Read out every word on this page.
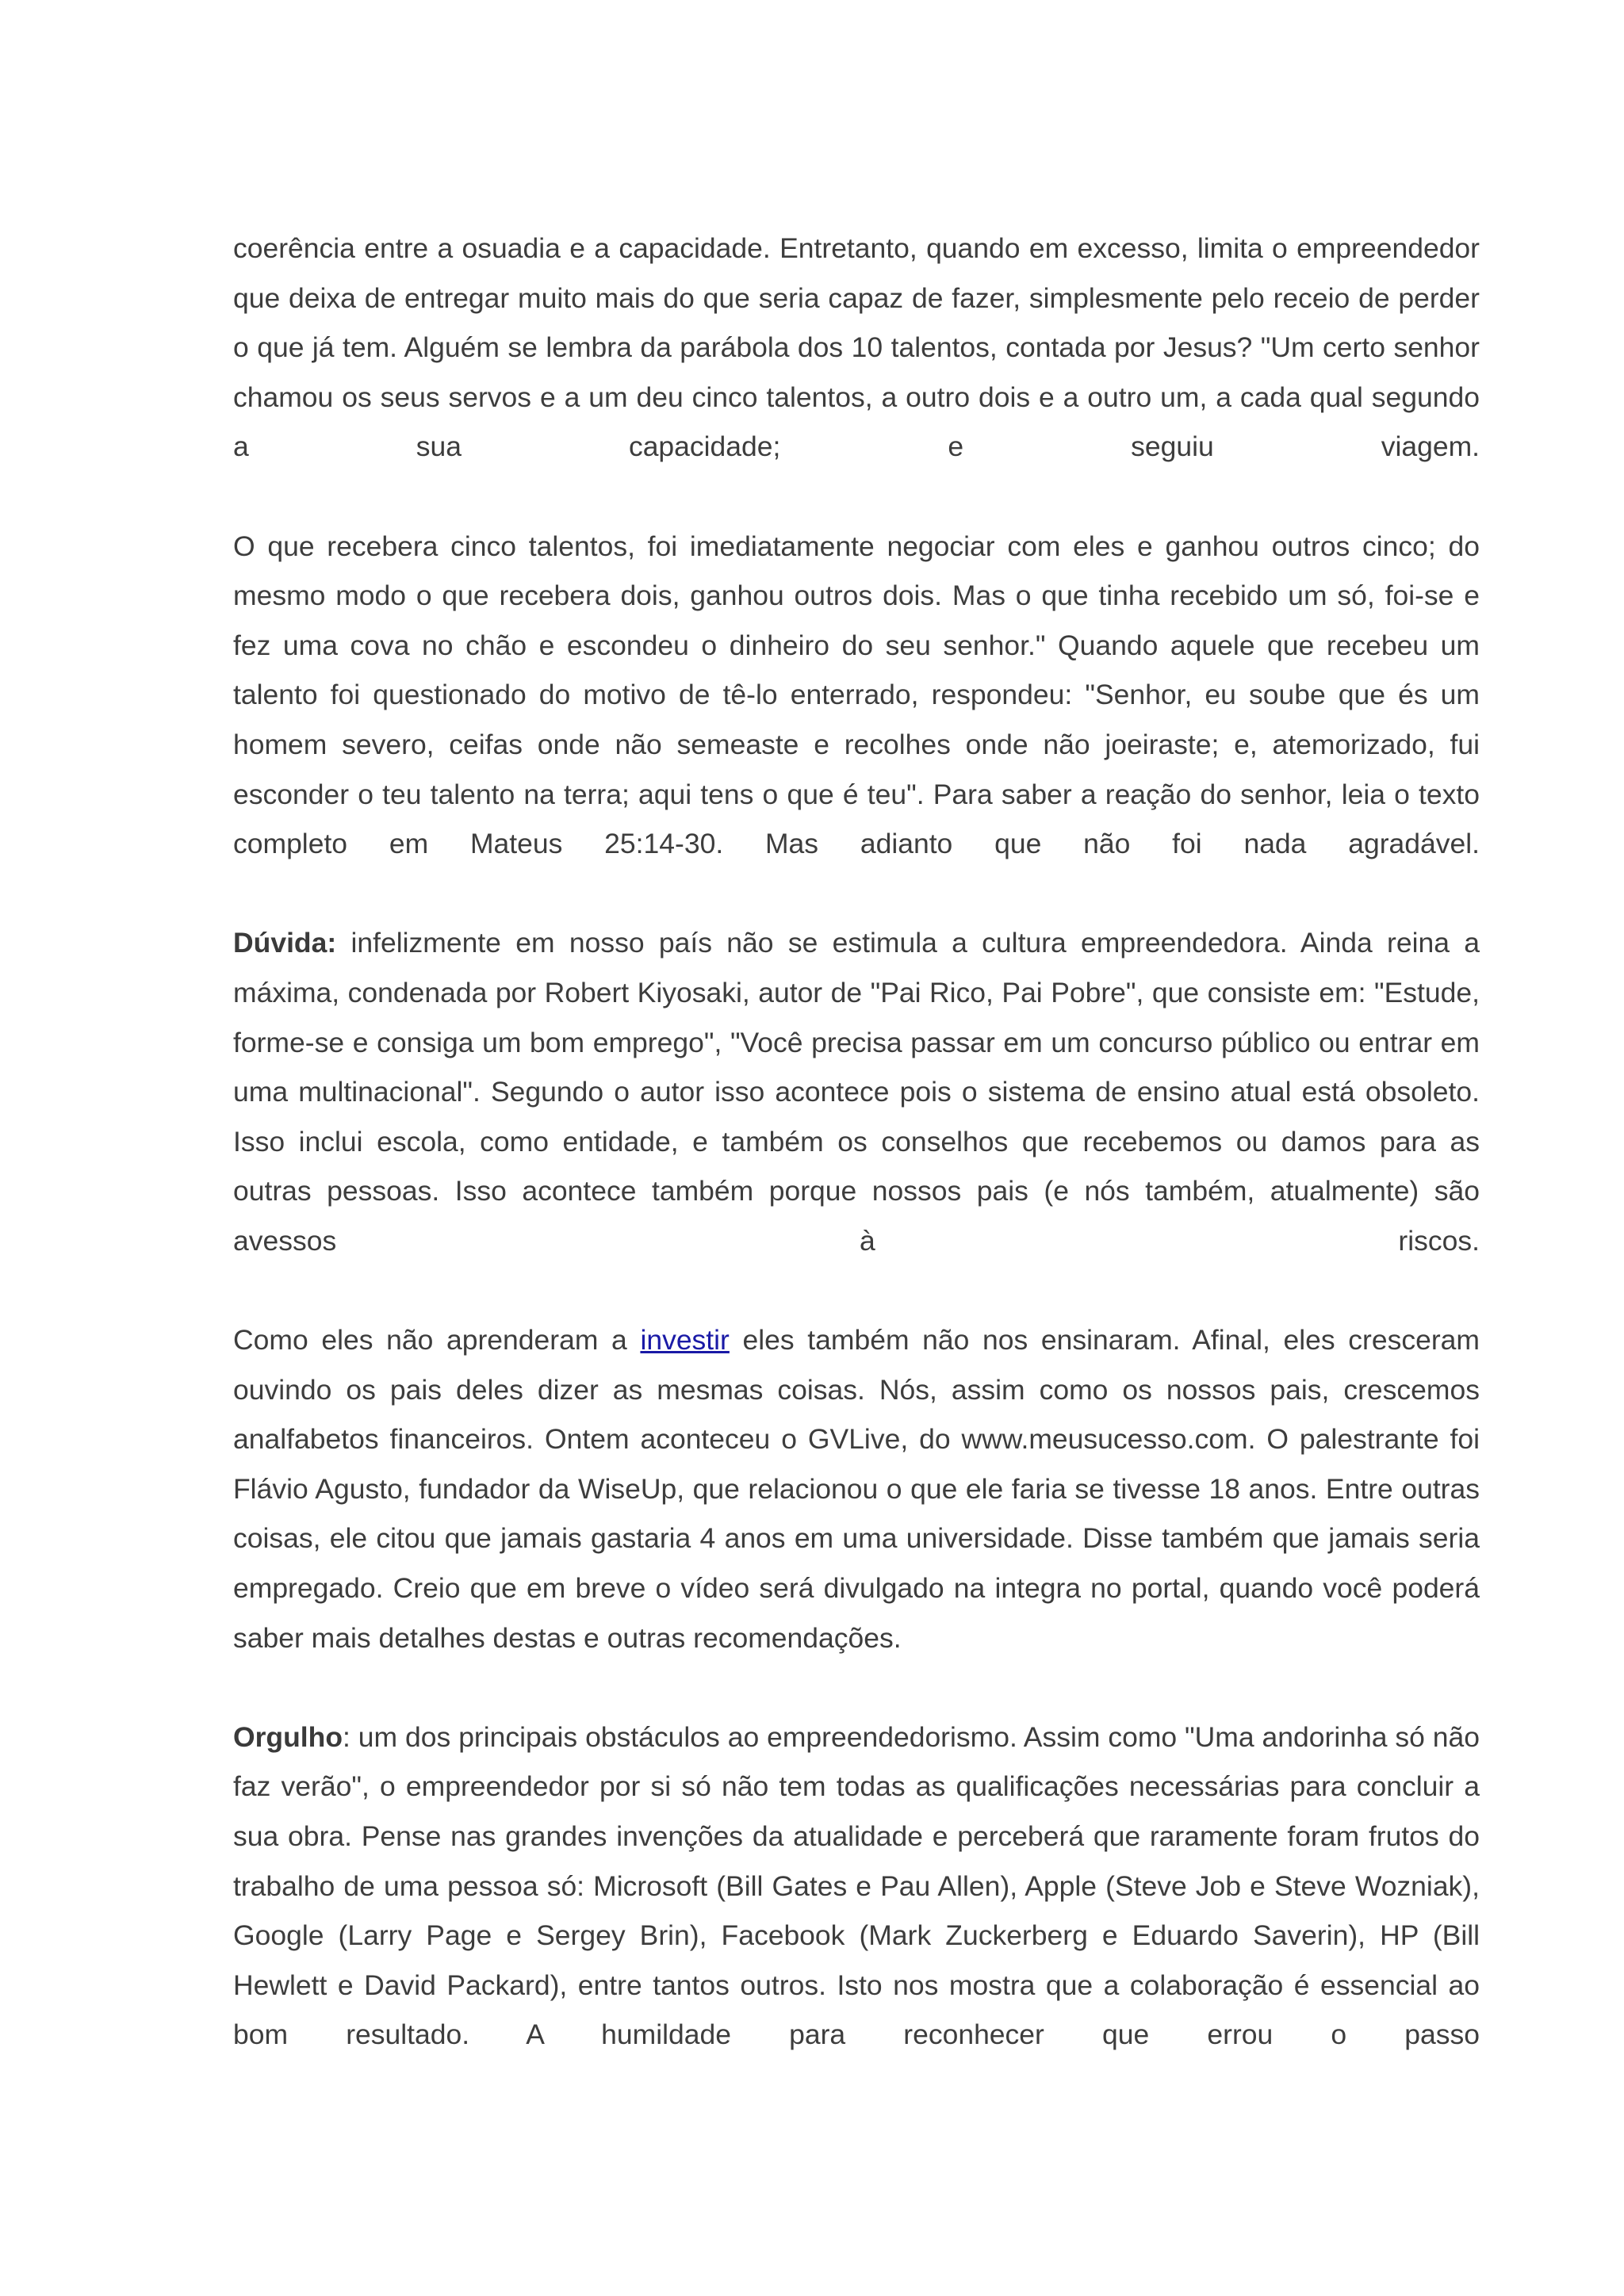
coerência entre a osuadia e a capacidade. Entretanto, quando em excesso, limita o empreendedor que deixa de entregar muito mais do que seria capaz de fazer, simplesmente pelo receio de perder o que já tem. Alguém se lembra da parábola dos 10 talentos, contada por Jesus? "Um certo senhor chamou os seus servos e a um deu cinco talentos, a outro dois e a outro um, a cada qual segundo a sua capacidade; e seguiu viagem.

O que recebera cinco talentos, foi imediatamente negociar com eles e ganhou outros cinco; do mesmo modo o que recebera dois, ganhou outros dois. Mas o que tinha recebido um só, foi-se e fez uma cova no chão e escondeu o dinheiro do seu senhor." Quando aquele que recebeu um talento foi questionado do motivo de tê-lo enterrado, respondeu: "Senhor, eu soube que és um homem severo, ceifas onde não semeaste e recolhes onde não joeiraste; e, atemorizado, fui esconder o teu talento na terra; aqui tens o que é teu". Para saber a reação do senhor, leia o texto completo em Mateus 25:14-30. Mas adianto que não foi nada agradável.

Dúvida: infelizmente em nosso país não se estimula a cultura empreendedora. Ainda reina a máxima, condenada por Robert Kiyosaki, autor de "Pai Rico, Pai Pobre", que consiste em: "Estude, forme-se e consiga um bom emprego", "Você precisa passar em um concurso público ou entrar em uma multinacional". Segundo o autor isso acontece pois o sistema de ensino atual está obsoleto. Isso inclui escola, como entidade, e também os conselhos que recebemos ou damos para as outras pessoas. Isso acontece também porque nossos pais (e nós também, atualmente) são avessos à riscos.

Como eles não aprenderam a investir eles também não nos ensinaram. Afinal, eles cresceram ouvindo os pais deles dizer as mesmas coisas. Nós, assim como os nossos pais, crescemos analfabetos financeiros. Ontem aconteceu o GVLive, do www.meusucesso.com. O palestrante foi Flávio Agusto, fundador da WiseUp, que relacionou o que ele faria se tivesse 18 anos. Entre outras coisas, ele citou que jamais gastaria 4 anos em uma universidade. Disse também que jamais seria empregado. Creio que em breve o vídeo será divulgado na integra no portal, quando você poderá saber mais detalhes destas e outras recomendações.

Orgulho: um dos principais obstáculos ao empreendedorismo. Assim como "Uma andorinha só não faz verão", o empreendedor por si só não tem todas as qualificações necessárias para concluir a sua obra. Pense nas grandes invenções da atualidade e perceberá que raramente foram frutos do trabalho de uma pessoa só: Microsoft (Bill Gates e Pau Allen), Apple (Steve Job e Steve Wozniak), Google (Larry Page e Sergey Brin), Facebook (Mark Zuckerberg e Eduardo Saverin), HP (Bill Hewlett e David Packard), entre tantos outros. Isto nos mostra que a colaboração é essencial ao bom resultado. A humildade para reconhecer que errou o passo
